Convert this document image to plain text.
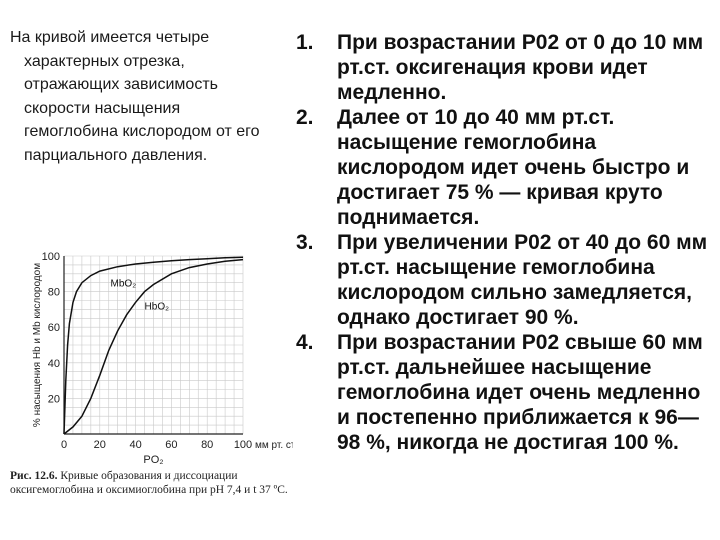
На кривой имеется четыре характерных отрезка, отражающих зависимость скорости насыщения гемоглобина кислородом от его парциального давления.

20
40
60
80
100
0 20 40 60 80 100 мм рт. ст
PO₂
% насыщения Hb и Mb кислородом	MbO₂
HbO₂
Рис. 12.6. Кривые образования и диссоциации оксигемоглобина и оксимиоглобина при рН 7,4 и t 37 ºС.
1. При возрастании Р02 от 0 до 10 мм рт.ст. оксигенация крови идет медленно.
2. Далее от 10 до 40 мм рт.ст. насыщение гемоглобина кислородом идет очень быстро и достигает 75 % — кривая круто поднимается.
3. При увеличении Р02 от 40 до 60 мм рт.ст. насыщение гемоглобина кислородом сильно замедляется, однако достигает 90 %.
4. При возрастании Р02 свыше 60 мм рт.ст. дальнейшее насыщение гемоглобина идет очень медленно и постепенно приближается к 96—98 %, никогда не достигая 100 %.
